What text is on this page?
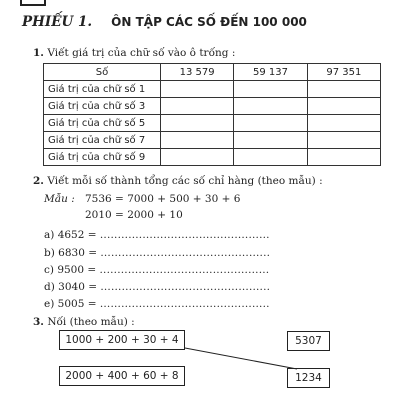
PHIẾU 1. ÔN TẬP CÁC SỐ ĐẾN 100 000
1. Viết giá trị của chữ số vào ô trống :
Số	13 579	59 137	97 351
Giá trị của chữ số 1			
Giá trị của chữ số 3			
Giá trị của chữ số 5			
Giá trị của chữ số 7			
Giá trị của chữ số 9			
2. Viết mỗi số thành tổng các số chỉ hàng (theo mẫu) :
Mẫu : 7536 = 7000 + 500 + 30 + 6
2010 = 2000 + 10
a) 4652 = ................................................
b) 6830 = ................................................
c) 9500 = ................................................
d) 3040 = ................................................
e) 5005 = ................................................
3. Nối (theo mẫu) :
1000 + 200 + 30 + 4
2000 + 400 + 60 + 8
5307
1234
